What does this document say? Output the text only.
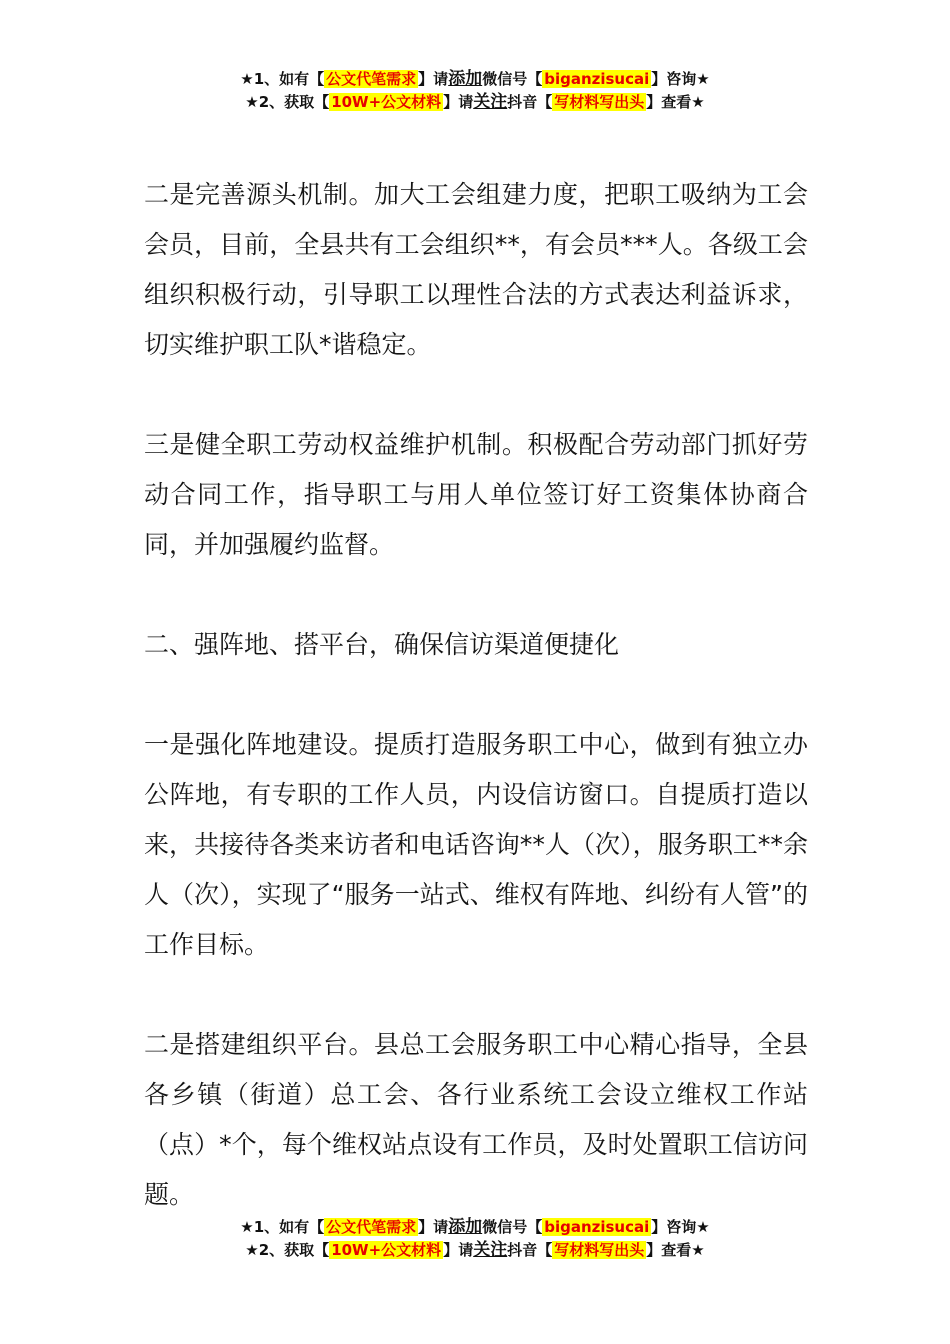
★1、如有【 公文代笔需求 】请添加微信号【 biganzisucai 】咨询★
★2、获取【 10W+公文材料 】请关注抖音【 写材料写出头 】查看★

二是完善源头机制。加大工会组建力度，把职工吸纳为工会会员，目前，全县共有工会组织**，有会员***人。各级工会组织积极行动，引导职工以理性合法的方式表达利益诉求，切实维护职工队*谐稳定。

三是健全职工劳动权益维护机制。积极配合劳动部门抓好劳动合同工作，指导职工与用人单位签订好工资集体协商合同，并加强履约监督。

二、强阵地、搭平台，确保信访渠道便捷化

一是强化阵地建设。提质打造服务职工中心，做到有独立办公阵地，有专职的工作人员，内设信访窗口。自提质打造以来，共接待各类来访者和电话咨询**人（次），服务职工**余人（次），实现了“服务一站式、维权有阵地、纠纷有人管”的工作目标。

二是搭建组织平台。县总工会服务职工中心精心指导，全县各乡镇（街道）总工会、各行业系统工会设立维权工作站（点）*个，每个维权站点设有工作员，及时处置职工信访问题。

★1、如有【 公文代笔需求 】请添加微信号【 biganzisucai 】咨询★
★2、获取【 10W+公文材料 】请关注抖音【 写材料写出头 】查看★
